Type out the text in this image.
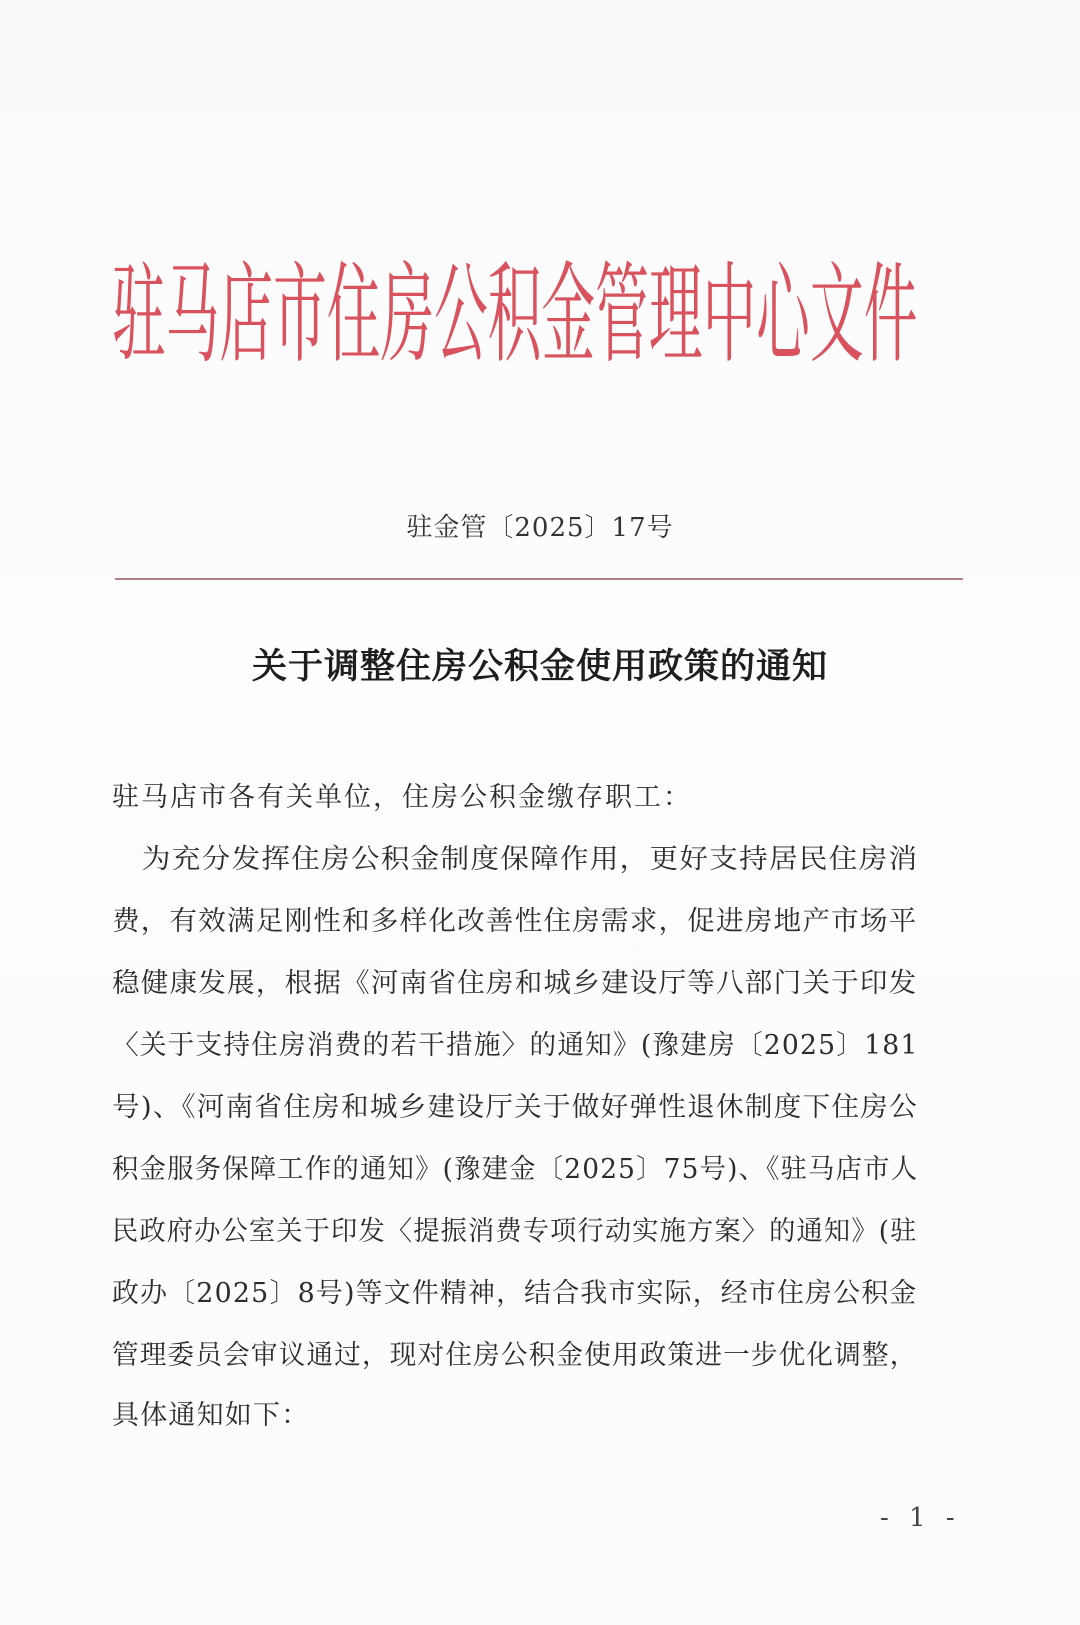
驻马店市住房公积金管理中心文件
驻金管〔2025〕17号
关于调整住房公积金使用政策的通知
驻马店市各有关单位，住房公积金缴存职工：
　为充分发挥住房公积金制度保障作用，更好支持居民住房消
费，有效满足刚性和多样化改善性住房需求，促进房地产市场平
稳健康发展，根据《河南省住房和城乡建设厅等八部门关于印发
〈关于支持住房消费的若干措施〉的通知》(豫建房〔2025〕181
号)、《河南省住房和城乡建设厅关于做好弹性退休制度下住房公
积金服务保障工作的通知》(豫建金〔2025〕75号)、《驻马店市人
民政府办公室关于印发〈提振消费专项行动实施方案〉的通知》(驻
政办〔2025〕8号)等文件精神，结合我市实际，经市住房公积金
管理委员会审议通过，现对住房公积金使用政策进一步优化调整，
具体通知如下：
- 1 -
